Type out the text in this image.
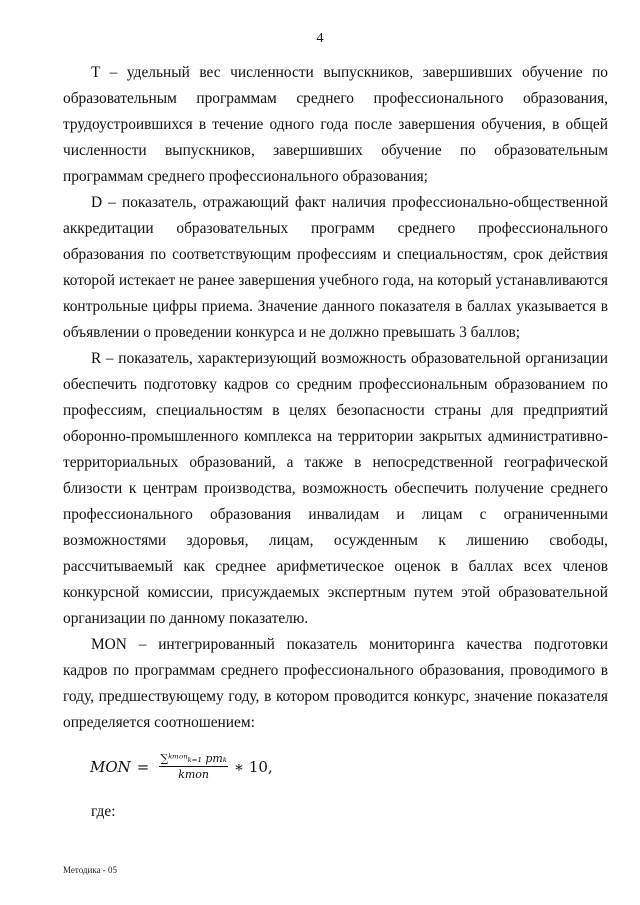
4

T – удельный вес численности выпускников, завершивших обучение по образовательным программам среднего профессионального образования, трудоустроившихся в течение одного года после завершения обучения, в общей численности выпускников, завершивших обучение по образовательным программам среднего профессионального образования;

D – показатель, отражающий факт наличия профессионально-общественной аккредитации образовательных программ среднего профессионального образования по соответствующим профессиям и специальностям, срок действия которой истекает не ранее завершения учебного года, на который устанавливаются контрольные цифры приема. Значение данного показателя в баллах указывается в объявлении о проведении конкурса и не должно превышать 3 баллов;

R – показатель, характеризующий возможность образовательной организации обеспечить подготовку кадров со средним профессиональным образованием по профессиям, специальностям в целях безопасности страны для предприятий оборонно-промышленного комплекса на территории закрытых административно-территориальных образований, а также в непосредственной географической близости к центрам производства, возможность обеспечить получение среднего профессионального образования инвалидам и лицам с ограниченными возможностями здоровья, лицам, осужденным к лишению свободы, рассчитываемый как среднее арифметическое оценок в баллах всех членов конкурсной комиссии, присуждаемых экспертным путем этой образовательной организации по данному показателю.

MON – интегрированный показатель мониторинга качества подготовки кадров по программам среднего профессионального образования, проводимого в году, предшествующему году, в котором проводится конкурс, значение показателя определяется соотношением:

MON = $\frac{\text{∑ᵏᵐᵒⁿₖ₌₁ pmₖ}}{\text{kmon}}$ ∗ 10,
где:
Методика - 05
